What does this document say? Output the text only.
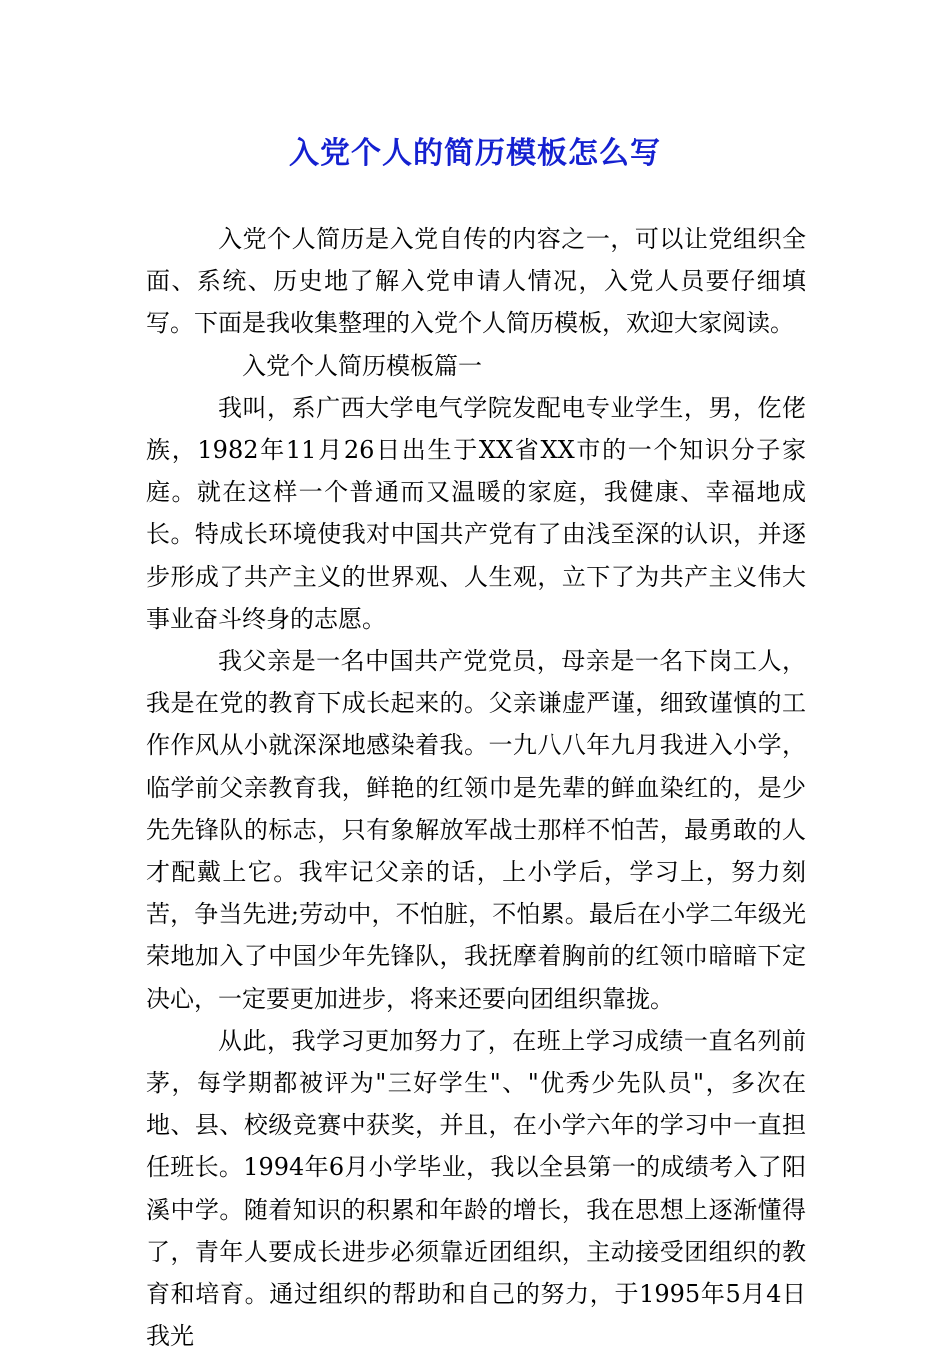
入党个人的简历模板怎么写

入党个人简历是入党自传的内容之一，可以让党组织全面、系统、历史地了解入党申请人情况，入党人员要仔细填写。下面是我收集整理的入党个人简历模板，欢迎大家阅读。

入党个人简历模板篇一

我叫，系广西大学电气学院发配电专业学生，男，仡佬族，1982年11月26日出生于XX省XX市的一个知识分子家庭。就在这样一个普通而又温暖的家庭，我健康、幸福地成长。特成长环境使我对中国共产党有了由浅至深的认识，并逐步形成了共产主义的世界观、人生观，立下了为共产主义伟大事业奋斗终身的志愿。

我父亲是一名中国共产党党员，母亲是一名下岗工人，我是在党的教育下成长起来的。父亲谦虚严谨，细致谨慎的工作作风从小就深深地感染着我。一九八八年九月我进入小学，临学前父亲教育我，鲜艳的红领巾是先辈的鲜血染红的，是少先先锋队的标志，只有象解放军战士那样不怕苦，最勇敢的人才配戴上它。我牢记父亲的话，上小学后，学习上，努力刻苦，争当先进;劳动中，不怕脏，不怕累。最后在小学二年级光荣地加入了中国少年先锋队，我抚摩着胸前的红领巾暗暗下定决心，一定要更加进步，将来还要向团组织靠拢。

从此，我学习更加努力了，在班上学习成绩一直名列前茅，每学期都被评为"三好学生"、"优秀少先队员"，多次在地、县、校级竞赛中获奖，并且，在小学六年的学习中一直担任班长。1994年6月小学毕业，我以全县第一的成绩考入了阳溪中学。随着知识的积累和年龄的增长，我在思想上逐渐懂得了，青年人要成长进步必须靠近团组织，主动接受团组织的教育和培育。通过组织的帮助和自己的努力，于1995年5月4日我光
